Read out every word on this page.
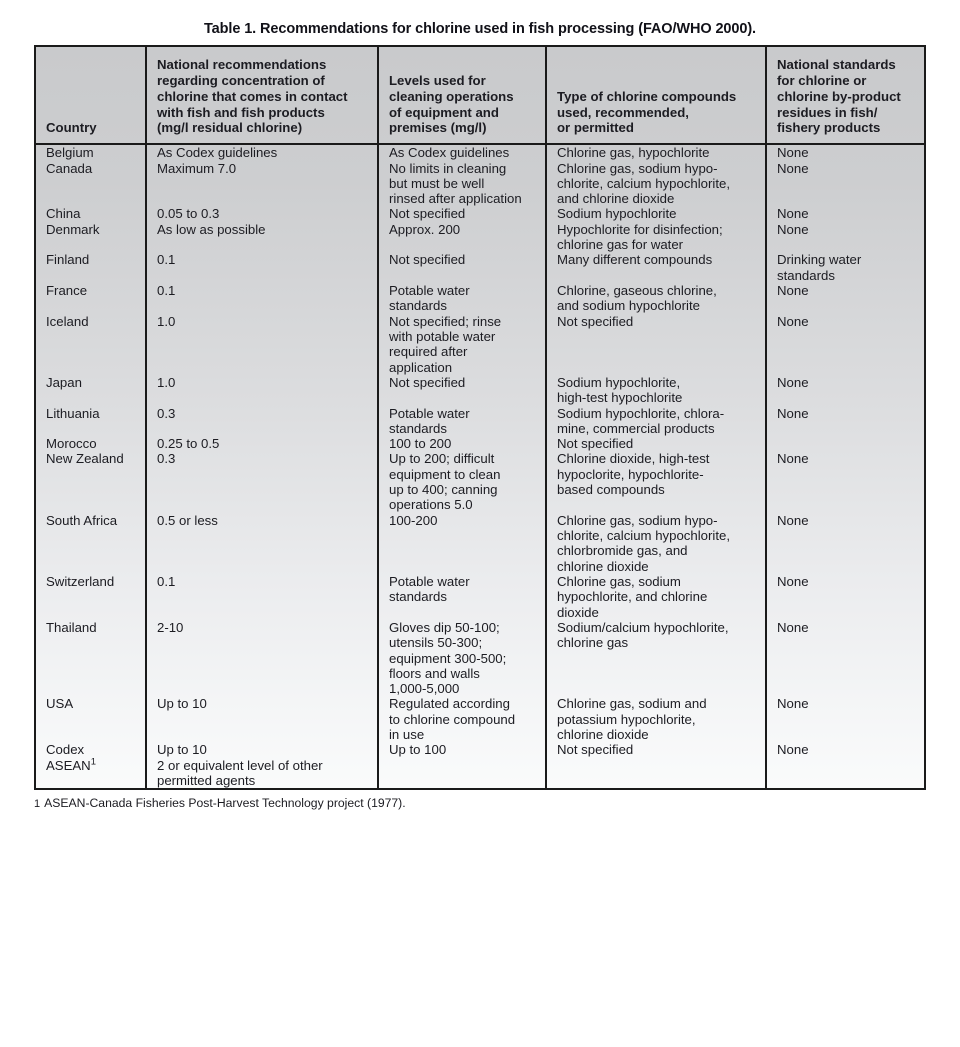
Table 1. Recommendations for chlorine used in fish processing (FAO/WHO 2000).
Country	National recommendations
regarding concentration of
chlorine that comes in contact
with fish and fish products
(mg/l residual chlorine)	Levels used for
cleaning operations
of equipment and
premises (mg/l)	Type of chlorine compounds
used, recommended,
or permitted	National standards
for chlorine or
chlorine by-product
residues in fish/
fishery products

Belgium	As Codex guidelines	As Codex guidelines	Chlorine gas, hypochlorite	None

Canada	Maximum 7.0	No limits in cleaning
but must be well
rinsed after application	Chlorine gas, sodium hypo-
chlorite, calcium hypochlorite,
and chlorine dioxide	None

China	0.05 to 0.3	Not specified	Sodium hypochlorite	None

Denmark	As low as possible	Approx. 200	Hypochlorite for disinfection;
chlorine gas for water	None

Finland	0.1	Not specified	Many different compounds	Drinking water
standards

France	0.1	Potable water
standards	Chlorine, gaseous chlorine,
and sodium hypochlorite	None

Iceland	1.0	Not specified; rinse
with potable water
required after
application	Not specified	None

Japan	1.0	Not specified	Sodium hypochlorite,
high-test hypochlorite	None

Lithuania	0.3	Potable water
standards	Sodium hypochlorite, chlora-
mine, commercial products	None

Morocco	0.25 to 0.5	100 to 200	Not specified	

New Zealand	0.3	Up to 200; difficult
equipment to clean
up to 400; canning
operations 5.0	Chlorine dioxide, high-test
hypoclorite, hypochlorite-
based compounds	None

South Africa	0.5 or less	100-200	Chlorine gas, sodium hypo-
chlorite, calcium hypochlorite,
chlorbromide gas, and
chlorine dioxide	None

Switzerland	0.1	Potable water
standards	Chlorine gas, sodium
hypochlorite, and chlorine
dioxide	None

Thailand	2-10	Gloves dip 50-100;
utensils 50-300;
equipment 300-500;
floors and walls
1,000-5,000	Sodium/calcium hypochlorite,
chlorine gas	None

USA	Up to 10	Regulated according
to chlorine compound
in use	Chlorine gas, sodium and
potassium hypochlorite,
chlorine dioxide	None

Codex	Up to 10	Up to 100	Not specified	None

ASEAN$^1$	2 or equivalent level of other
permitted agents			

1 ASEAN-Canada Fisheries Post-Harvest Technology project (1977).
